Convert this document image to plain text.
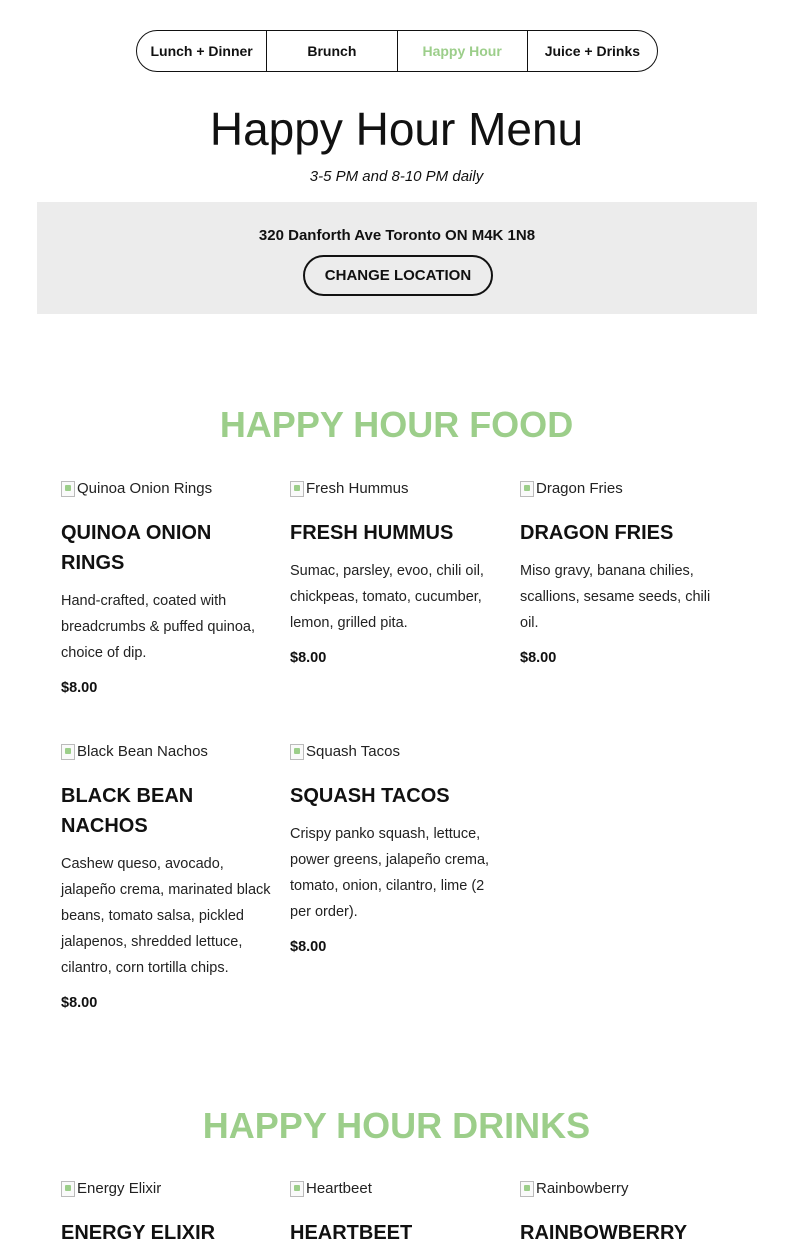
Lunch + Dinner	Brunch	Happy Hour	Juice + Drinks
Happy Hour Menu

3-5 PM and 8-10 PM daily

320 Danforth Ave Toronto ON M4K 1N8
CHANGE LOCATION
HAPPY HOUR FOOD
Quinoa Onion Rings
QUINOA ONION RINGS

Hand-crafted, coated with breadcrumbs & puffed quinoa, choice of dip.

$8.00

Fresh Hummus
FRESH HUMMUS

Sumac, parsley, evoo, chili oil, chickpeas, tomato, cucumber, lemon, grilled pita.

$8.00

Dragon Fries
DRAGON FRIES

Miso gravy, banana chilies, scallions, sesame seeds, chili oil.

$8.00

Black Bean Nachos
BLACK BEAN NACHOS

Cashew queso, avocado, jalapeño crema, marinated black beans, tomato salsa, pickled jalapenos, shredded lettuce, cilantro, corn tortilla chips.

$8.00

Squash Tacos
SQUASH TACOS

Crispy panko squash, lettuce, power greens, jalapeño crema, tomato, onion, cilantro, lime (2 per order).

$8.00

HAPPY HOUR DRINKS
Energy Elixir
ENERGY ELIXIR
Heartbeet
HEARTBEET
Rainbowberry
RAINBOWBERRY
